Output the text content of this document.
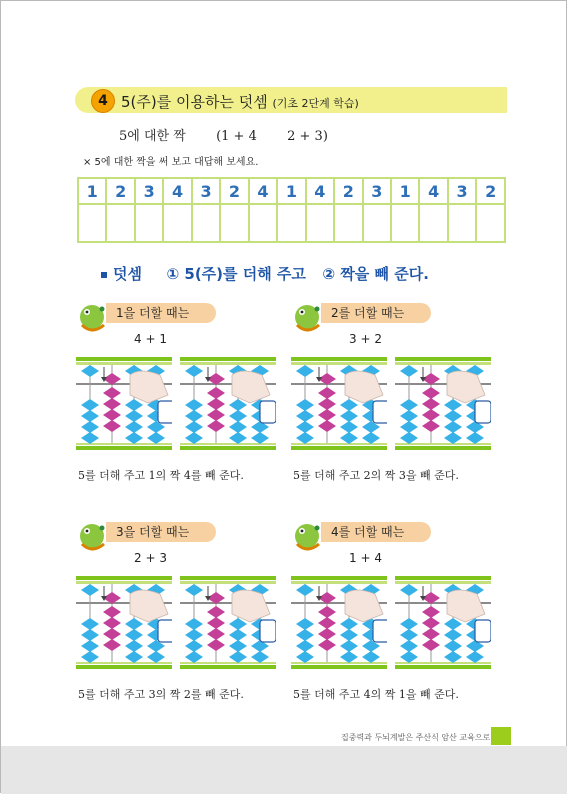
4 5(주)를 이용하는 덧셈 (기초 2단계 학습)
5에 대한 짝 (1 + 4 2 + 3)
× 5에 대한 짝을 써 보고 대답해 보세요.
1	2	3	4	3	2	4	1	4	2	3	1	4	3	2

덧셈 ① 5(주)를 더해 주고 ② 짝을 빼 준다.
1을 더할 때는
4 + 1
5를 더해 주고 1의 짝 4를 빼 준다.
2를 더할 때는
3 + 2
5를 더해 주고 2의 짝 3을 빼 준다.
3을 더할 때는
2 + 3
5를 더해 주고 3의 짝 2를 빼 준다.
4를 더할 때는
1 + 4
5를 더해 주고 4의 짝 1을 빼 준다.
집중력과 두뇌계발은 주산식 암산 교육으로
